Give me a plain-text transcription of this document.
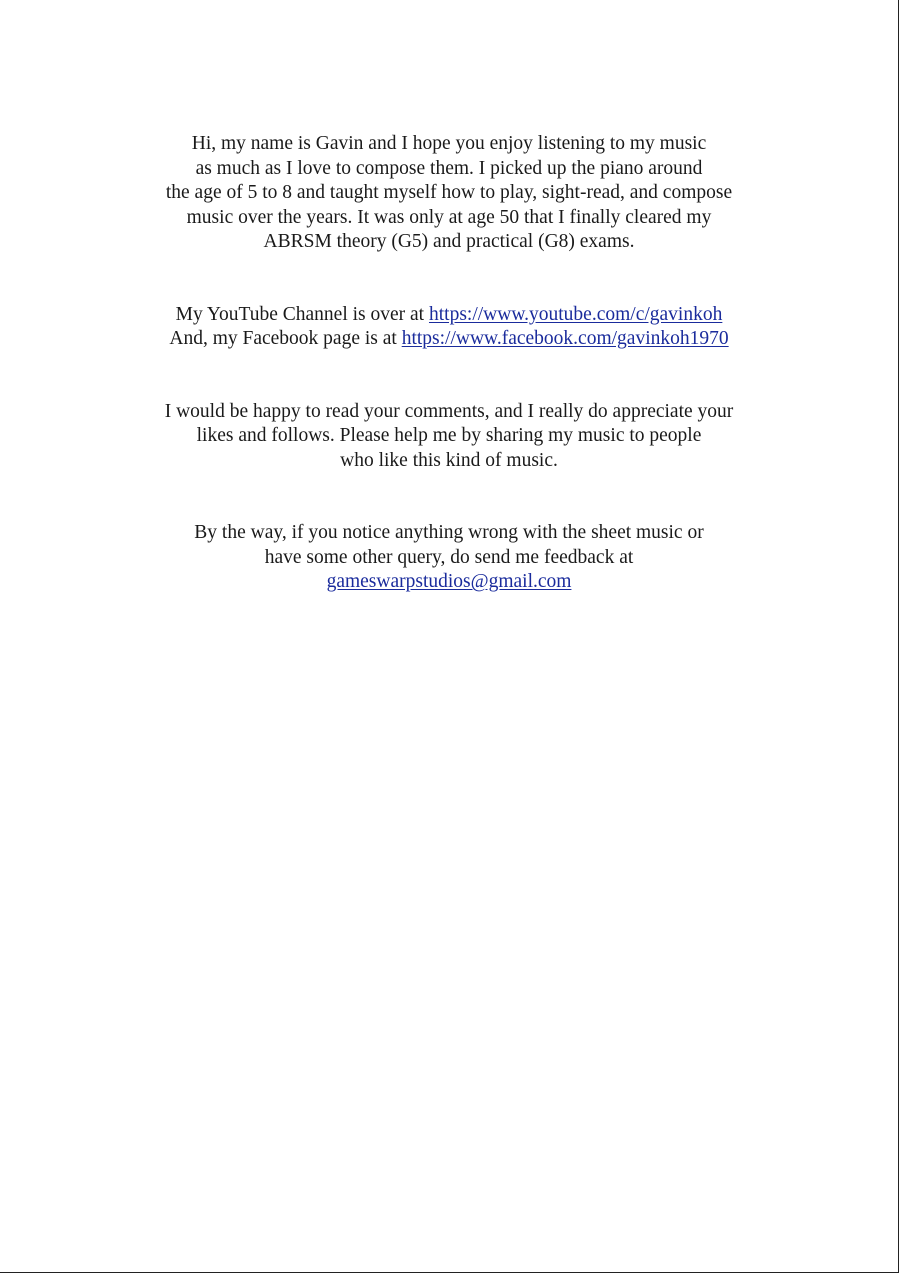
Hi, my name is Gavin and I hope you enjoy listening to my music
as much as I love to compose them. I picked up the piano around
the age of 5 to 8 and taught myself how to play, sight-read, and compose
music over the years. It was only at age 50 that I finally cleared my
ABRSM theory (G5) and practical (G8) exams.

My YouTube Channel is over at https://www.youtube.com/c/gavinkoh
And, my Facebook page is at https://www.facebook.com/gavinkoh1970

I would be happy to read your comments, and I really do appreciate your
likes and follows. Please help me by sharing my music to people
who like this kind of music.

By the way, if you notice anything wrong with the sheet music or
have some other query, do send me feedback at
gameswarpstudios@gmail.com
